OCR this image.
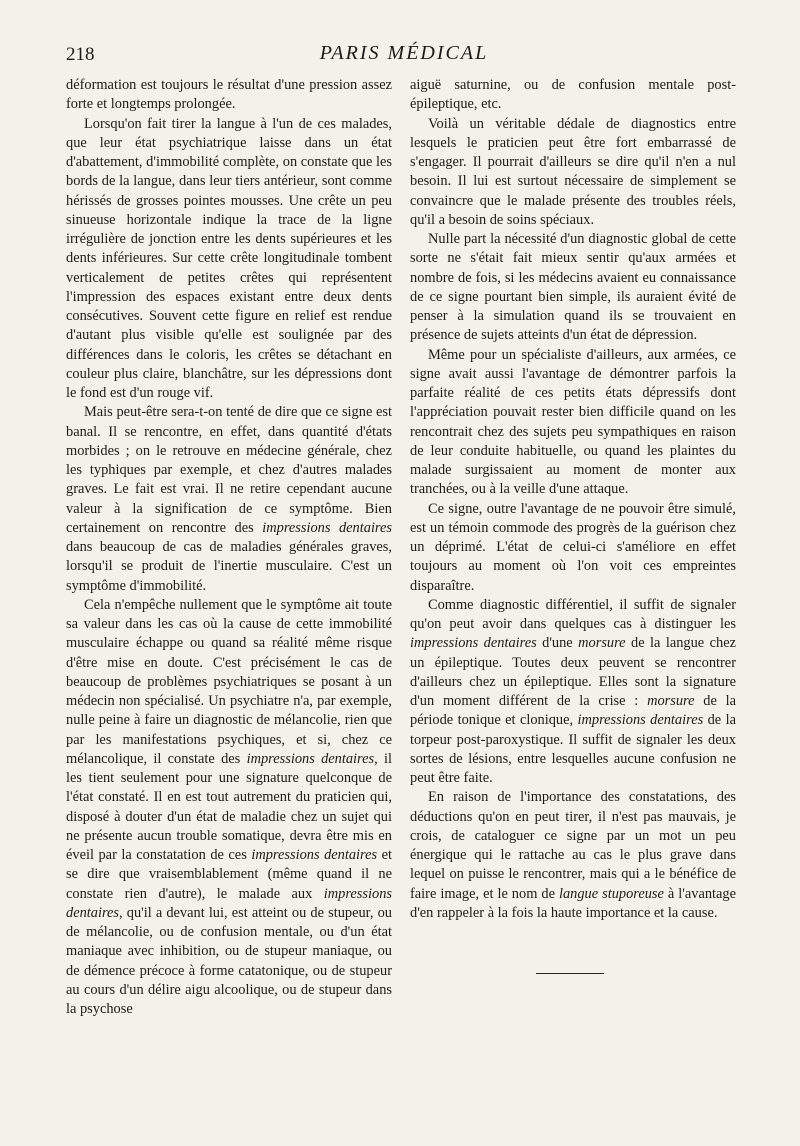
218	PARIS MÉDICAL

déformation est toujours le résultat d'une pression assez forte et longtemps prolongée.

Lorsqu'on fait tirer la langue à l'un de ces malades, que leur état psychiatrique laisse dans un état d'abattement, d'immobilité complète, on constate que les bords de la langue, dans leur tiers antérieur, sont comme hérissés de grosses pointes mousses. Une crête un peu sinueuse horizontale indique la trace de la ligne irrégulière de jonction entre les dents supérieures et les dents inférieures. Sur cette crête longitudinale tombent verticalement de petites crêtes qui représentent l'impression des espaces existant entre deux dents consécutives. Souvent cette figure en relief est rendue d'autant plus visible qu'elle est soulignée par des différences dans le coloris, les crêtes se détachant en couleur plus claire, blanchâtre, sur les dépressions dont le fond est d'un rouge vif.

Mais peut-être sera-t-on tenté de dire que ce signe est banal. Il se rencontre, en effet, dans quantité d'états morbides ; on le retrouve en médecine générale, chez les typhiques par exemple, et chez d'autres malades graves. Le fait est vrai. Il ne retire cependant aucune valeur à la signification de ce symptôme. Bien certainement on rencontre des impressions dentaires dans beaucoup de cas de maladies générales graves, lorsqu'il se produit de l'inertie musculaire. C'est un symptôme d'immobilité.

Cela n'empêche nullement que le symptôme ait toute sa valeur dans les cas où la cause de cette immobilité musculaire échappe ou quand sa réalité même risque d'être mise en doute. C'est précisément le cas de beaucoup de problèmes psychiatriques se posant à un médecin non spécialisé. Un psychiatre n'a, par exemple, nulle peine à faire un diagnostic de mélancolie, rien que par les manifestations psychiques, et si, chez ce mélancolique, il constate des impressions dentaires, il les tient seulement pour une signature quelconque de l'état constaté. Il en est tout autrement du praticien qui, disposé à douter d'un état de maladie chez un sujet qui ne présente aucun trouble somatique, devra être mis en éveil par la constatation de ces impressions dentaires et se dire que vraisemblablement (même quand il ne constate rien d'autre), le malade aux impressions dentaires, qu'il a devant lui, est atteint ou de stupeur, ou de mélancolie, ou de confusion mentale, ou d'un état maniaque avec inhibition, ou de stupeur maniaque, ou de démence précoce à forme catatonique, ou de stupeur au cours d'un délire aigu alcoolique, ou de stupeur dans la psychose

aiguë saturnine, ou de confusion mentale post-épileptique, etc.

Voilà un véritable dédale de diagnostics entre lesquels le praticien peut être fort embarrassé de s'engager. Il pourrait d'ailleurs se dire qu'il n'en a nul besoin. Il lui est surtout nécessaire de simplement se convaincre que le malade présente des troubles réels, qu'il a besoin de soins spéciaux.

Nulle part la nécessité d'un diagnostic global de cette sorte ne s'était fait mieux sentir qu'aux armées et nombre de fois, si les médecins avaient eu connaissance de ce signe pourtant bien simple, ils auraient évité de penser à la simulation quand ils se trouvaient en présence de sujets atteints d'un état de dépression.

Même pour un spécialiste d'ailleurs, aux armées, ce signe avait aussi l'avantage de démontrer parfois la parfaite réalité de ces petits états dépressifs dont l'appréciation pouvait rester bien difficile quand on les rencontrait chez des sujets peu sympathiques en raison de leur conduite habituelle, ou quand les plaintes du malade surgissaient au moment de monter aux tranchées, ou à la veille d'une attaque.

Ce signe, outre l'avantage de ne pouvoir être simulé, est un témoin commode des progrès de la guérison chez un déprimé. L'état de celui-ci s'améliore en effet toujours au moment où l'on voit ces empreintes disparaître.

Comme diagnostic différentiel, il suffit de signaler qu'on peut avoir dans quelques cas à distinguer les impressions dentaires d'une morsure de la langue chez un épileptique. Toutes deux peuvent se rencontrer d'ailleurs chez un épileptique. Elles sont la signature d'un moment différent de la crise : morsure de la période tonique et clonique, impressions dentaires de la torpeur post-paroxystique. Il suffit de signaler les deux sortes de lésions, entre lesquelles aucune confusion ne peut être faite.

En raison de l'importance des constatations, des déductions qu'on en peut tirer, il n'est pas mauvais, je crois, de cataloguer ce signe par un mot un peu énergique qui le rattache au cas le plus grave dans lequel on puisse le rencontrer, mais qui a le bénéfice de faire image, et le nom de langue stuporeuse à l'avantage d'en rappeler à la fois la haute importance et la cause.
